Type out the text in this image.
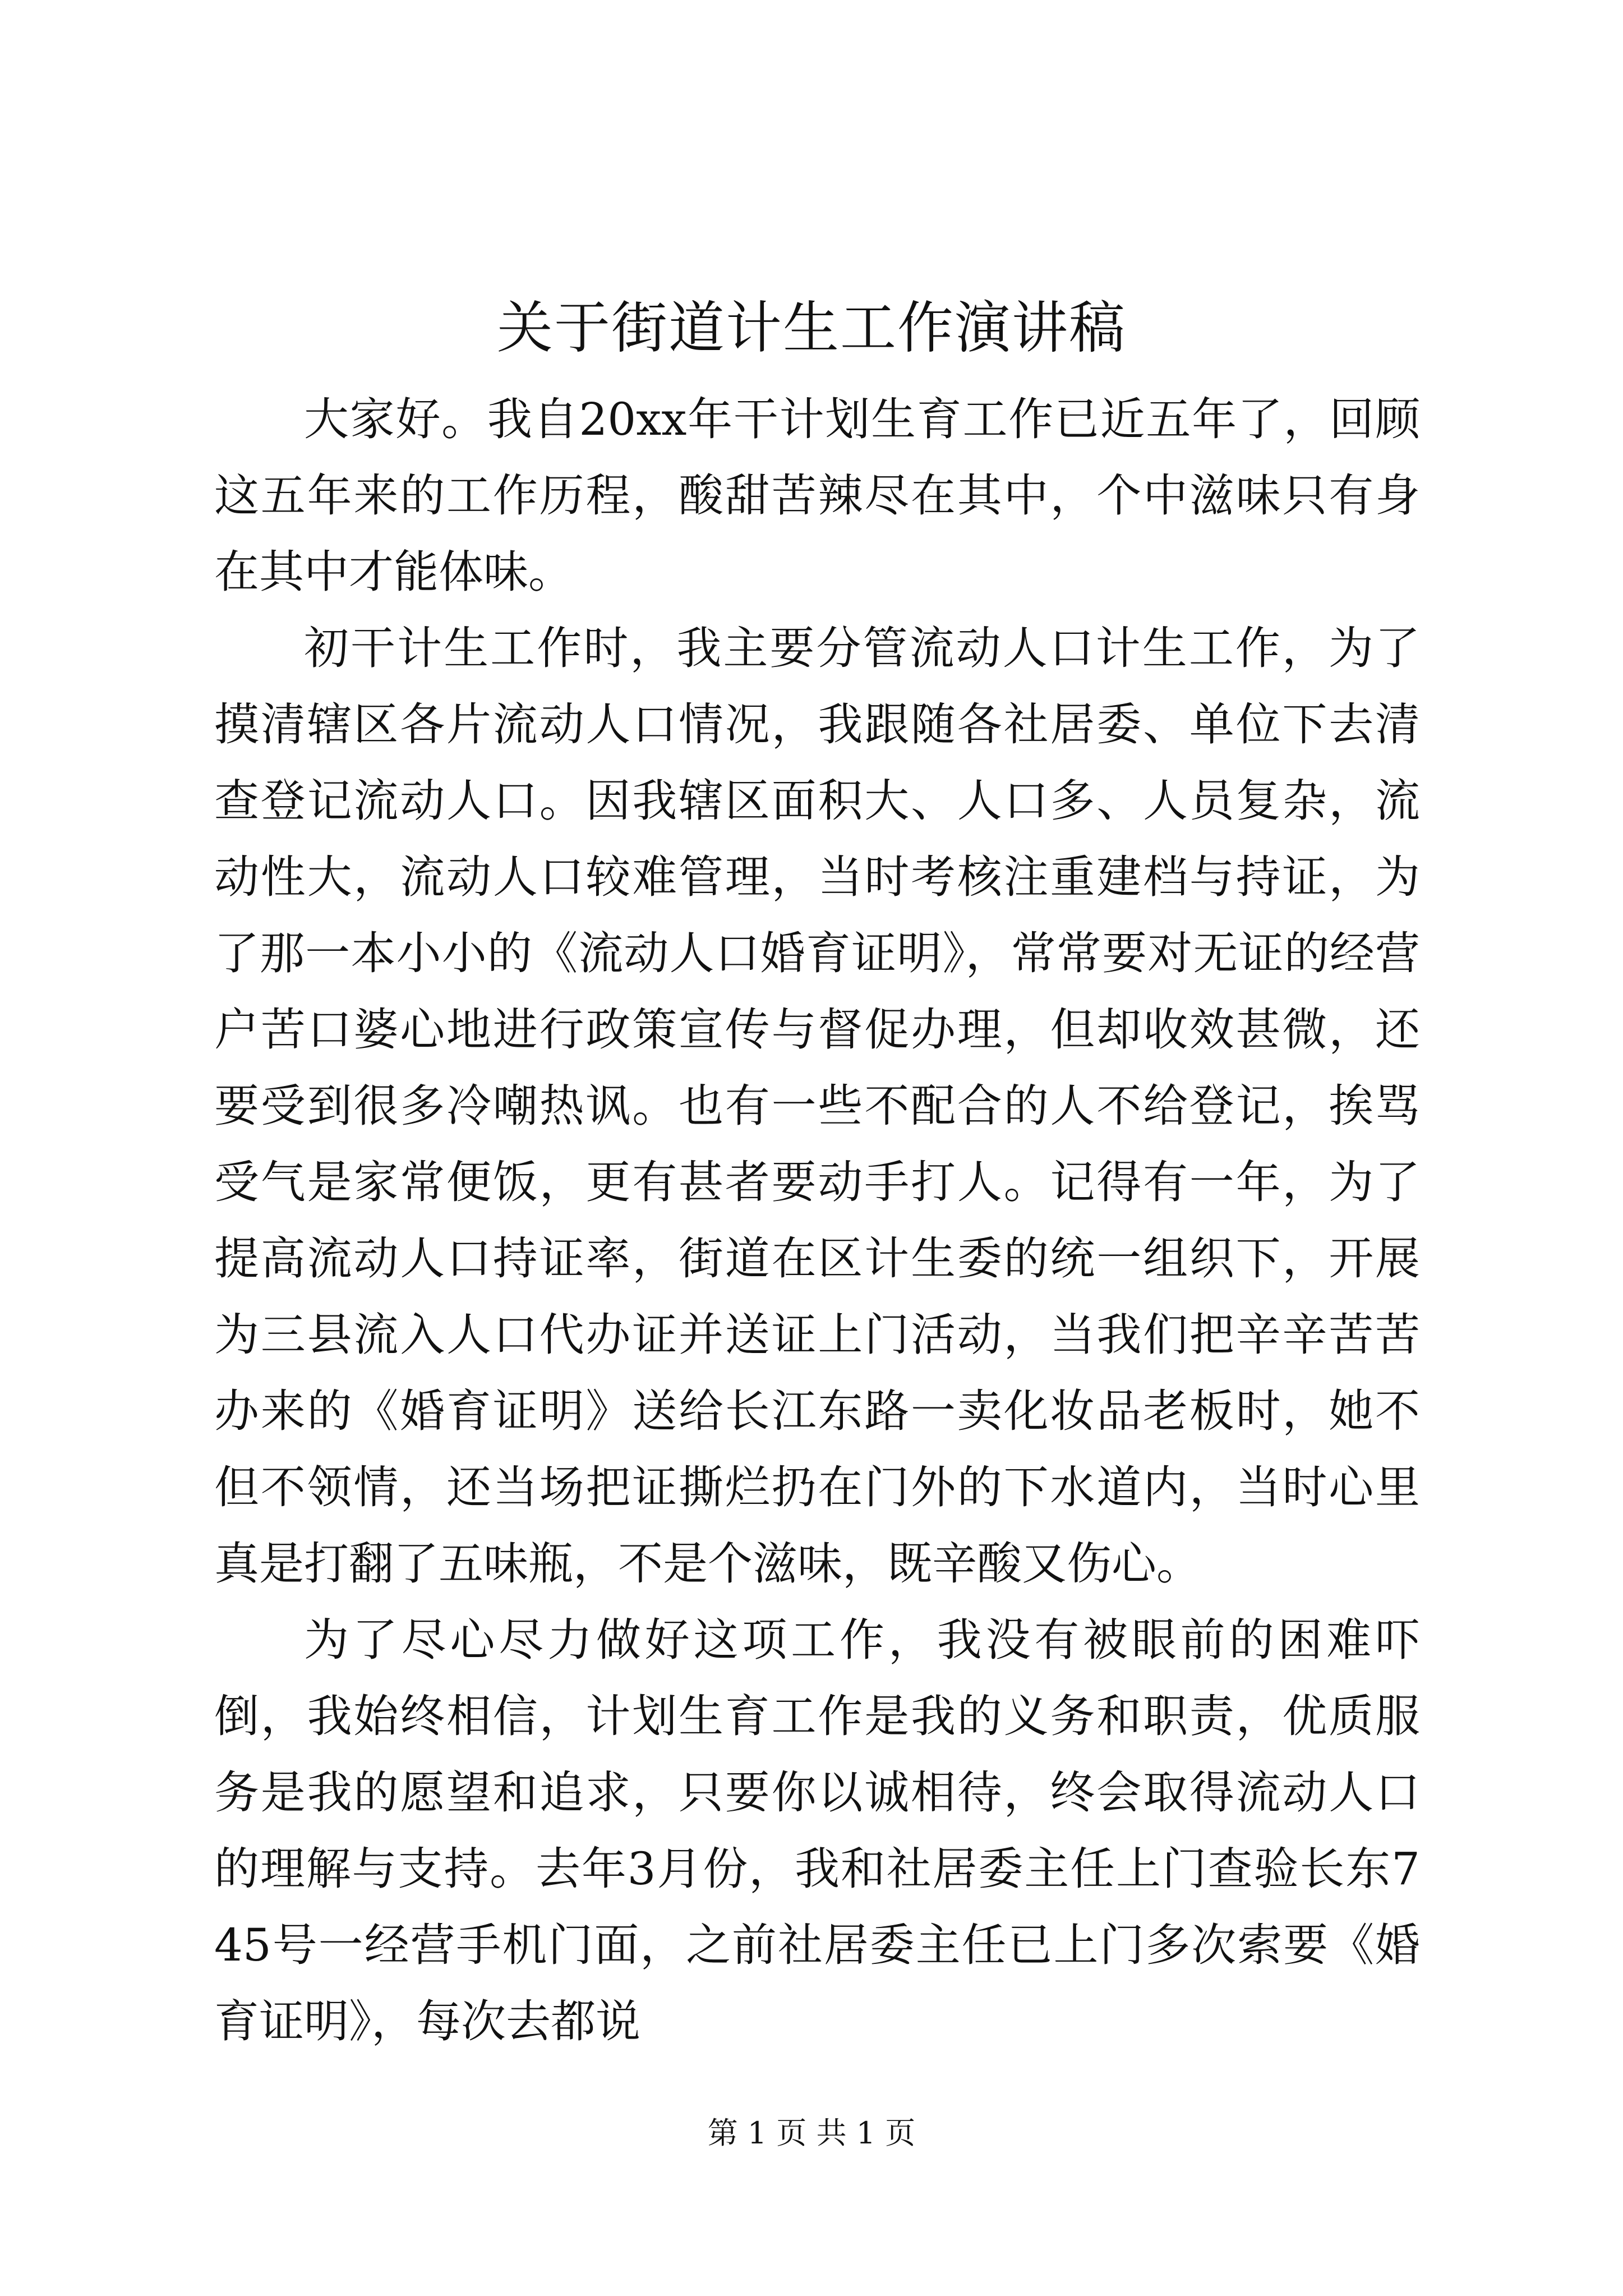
关于街道计生工作演讲稿

大家好。我自20xx年干计划生育工作已近五年了，回顾这五年来的工作历程，酸甜苦辣尽在其中，个中滋味只有身在其中才能体味。

初干计生工作时，我主要分管流动人口计生工作，为了摸清辖区各片流动人口情况，我跟随各社居委、单位下去清查登记流动人口。因我辖区面积大、人口多、人员复杂，流动性大，流动人口较难管理，当时考核注重建档与持证，为了那一本小小的《流动人口婚育证明》，常常要对无证的经营户苦口婆心地进行政策宣传与督促办理，但却收效甚微，还要受到很多冷嘲热讽。也有一些不配合的人不给登记，挨骂受气是家常便饭，更有甚者要动手打人。记得有一年，为了提高流动人口持证率，街道在区计生委的统一组织下，开展为三县流入人口代办证并送证上门活动，当我们把辛辛苦苦办来的《婚育证明》送给长江东路一卖化妆品老板时，她不但不领情，还当场把证撕烂扔在门外的下水道内，当时心里真是打翻了五味瓶，不是个滋味，既辛酸又伤心。

为了尽心尽力做好这项工作，我没有被眼前的困难吓倒，我始终相信，计划生育工作是我的义务和职责，优质服务是我的愿望和追求，只要你以诚相待，终会取得流动人口的理解与支持。去年3月份，我和社居委主任上门查验长东745号一经营手机门面，之前社居委主任已上门多次索要《婚育证明》，每次去都说

第 1 页 共 1 页
